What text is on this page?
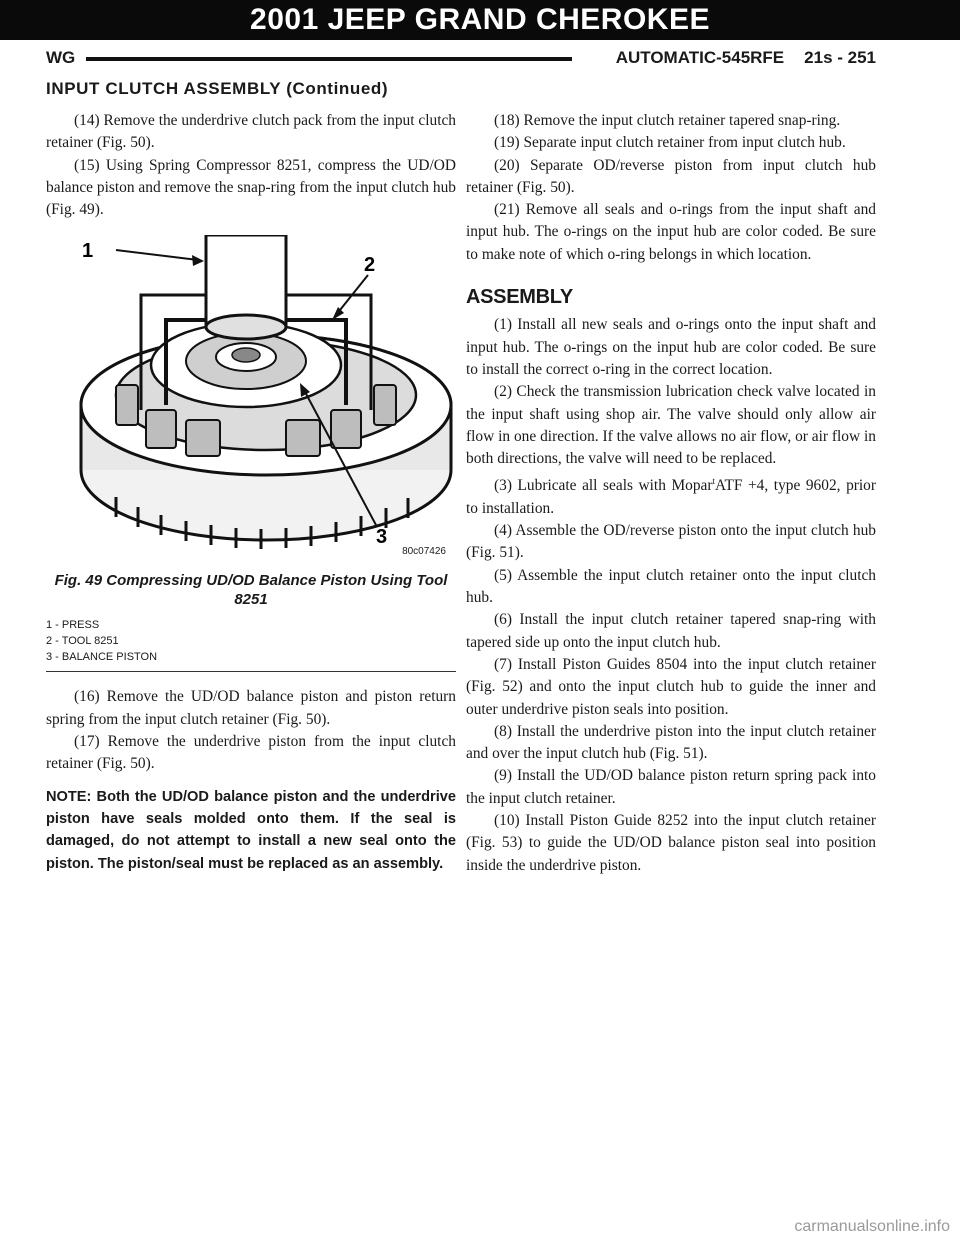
2001 JEEP GRAND CHEROKEE
WG	AUTOMATIC-545RFE 21s - 251
INPUT CLUTCH ASSEMBLY (Continued)

(14) Remove the underdrive clutch pack from the input clutch retainer (Fig. 50).

(15) Using Spring Compressor 8251, compress the UD/OD balance piston and remove the snap-ring from the input clutch hub (Fig. 49).

1
2
3
80c07426
Fig. 49 Compressing UD/OD Balance Piston Using Tool 8251
1 - PRESS
2 - TOOL 8251
3 - BALANCE PISTON

(16) Remove the UD/OD balance piston and piston return spring from the input clutch retainer (Fig. 50).

(17) Remove the underdrive piston from the input clutch retainer (Fig. 50).

NOTE: Both the UD/OD balance piston and the underdrive piston have seals molded onto them. If the seal is damaged, do not attempt to install a new seal onto the piston. The piston/seal must be replaced as an assembly.

(18) Remove the input clutch retainer tapered snap-ring.

(19) Separate input clutch retainer from input clutch hub.

(20) Separate OD/reverse piston from input clutch hub retainer (Fig. 50).

(21) Remove all seals and o-rings from the input shaft and input hub. The o-rings on the input hub are color coded. Be sure to make note of which o-ring belongs in which location.

ASSEMBLY

(1) Install all new seals and o-rings onto the input shaft and input hub. The o-rings on the input hub are color coded. Be sure to install the correct o-ring in the correct location.

(2) Check the transmission lubrication check valve located in the input shaft using shop air. The valve should only allow air flow in one direction. If the valve allows no air flow, or air flow in both directions, the valve will need to be replaced.

(3) Lubricate all seals with Mopar$^t$ATF +4, type 9602, prior to installation.

(4) Assemble the OD/reverse piston onto the input clutch hub (Fig. 51).

(5) Assemble the input clutch retainer onto the input clutch hub.

(6) Install the input clutch retainer tapered snap-ring with tapered side up onto the input clutch hub.

(7) Install Piston Guides 8504 into the input clutch retainer (Fig. 52) and onto the input clutch hub to guide the inner and outer underdrive piston seals into position.

(8) Install the underdrive piston into the input clutch retainer and over the input clutch hub (Fig. 51).

(9) Install the UD/OD balance piston return spring pack into the input clutch retainer.

(10) Install Piston Guide 8252 into the input clutch retainer (Fig. 53) to guide the UD/OD balance piston seal into position inside the underdrive piston.

carmanualsonline.info
